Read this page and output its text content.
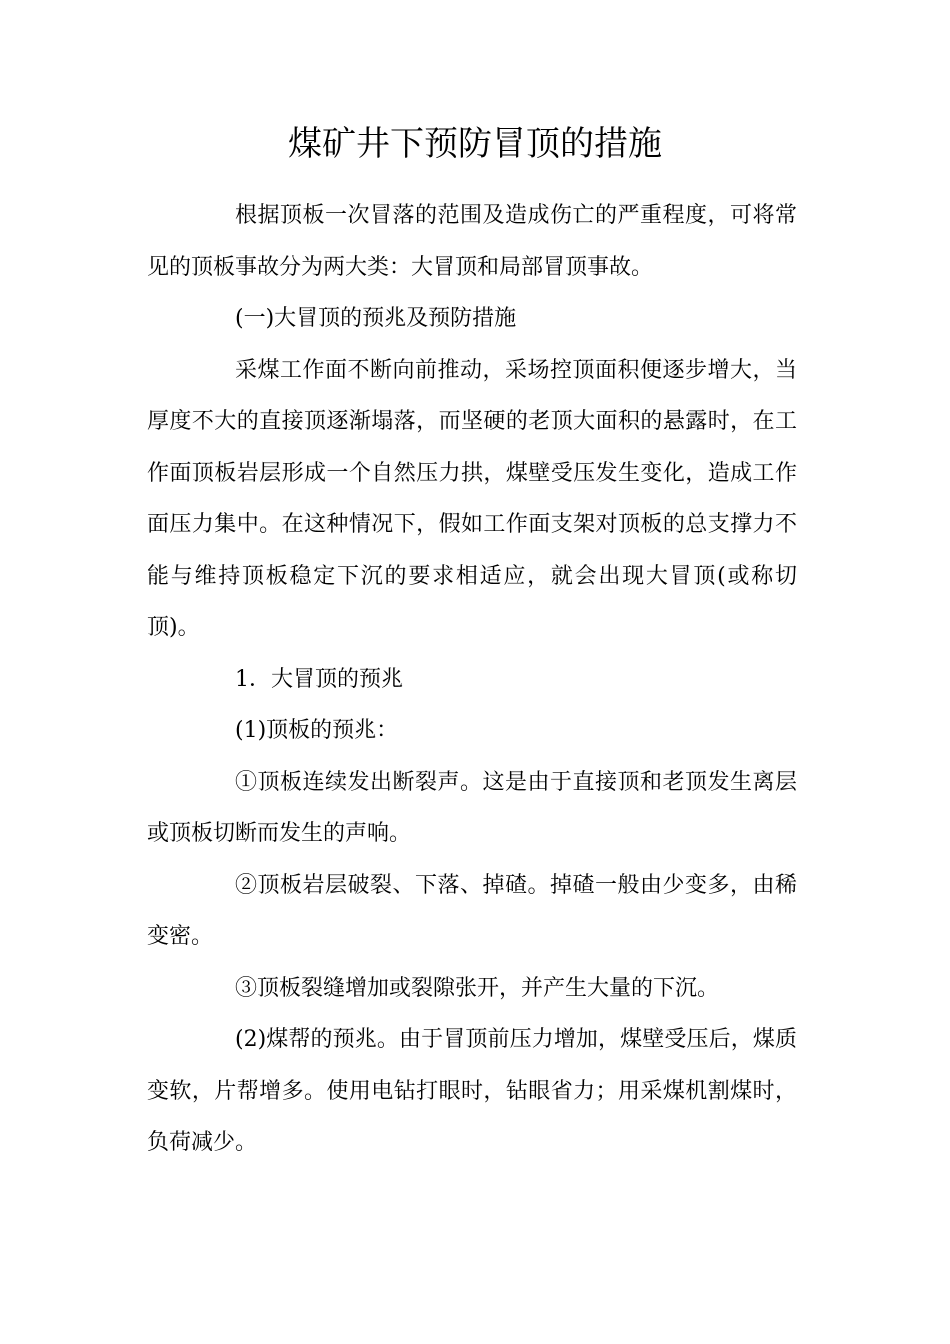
煤矿井下预防冒顶的措施

根据顶板一次冒落的范围及造成伤亡的严重程度，可将常见的顶板事故分为两大类：大冒顶和局部冒顶事故。

(一)大冒顶的预兆及预防措施

采煤工作面不断向前推动，采场控顶面积便逐步增大，当厚度不大的直接顶逐渐塌落，而坚硬的老顶大面积的悬露时，在工作面顶板岩层形成一个自然压力拱，煤壁受压发生变化，造成工作面压力集中。在这种情况下，假如工作面支架对顶板的总支撑力不能与维持顶板稳定下沉的要求相适应，就会出现大冒顶(或称切顶)。

1．大冒顶的预兆

(1)顶板的预兆：

①顶板连续发出断裂声。这是由于直接顶和老顶发生离层或顶板切断而发生的声响。

②顶板岩层破裂、下落、掉碴。掉碴一般由少变多，由稀变密。

③顶板裂缝增加或裂隙张开，并产生大量的下沉。

(2)煤帮的预兆。由于冒顶前压力增加，煤壁受压后，煤质变软，片帮增多。使用电钻打眼时，钻眼省力；用采煤机割煤时，负荷减少。
